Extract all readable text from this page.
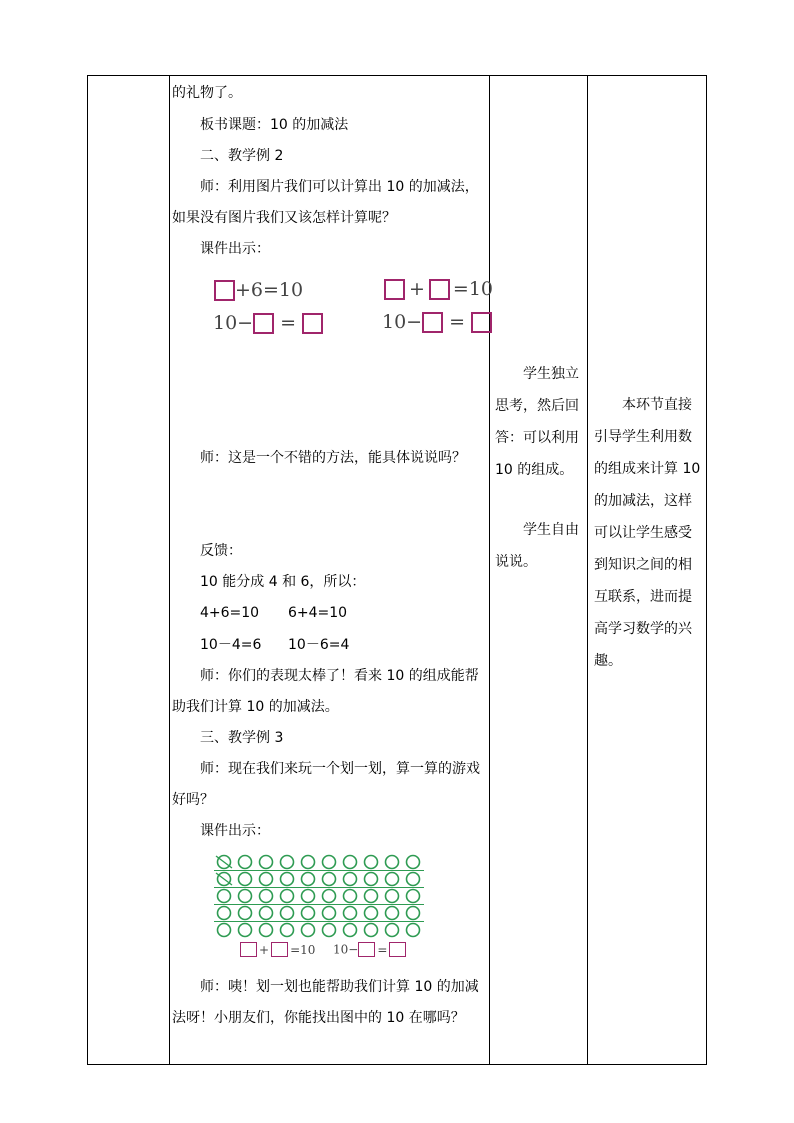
的礼物了。
板书课题：10 的加减法
二、教学例 2
师：利用图片我们可以计算出 10 的加减法，
如果没有图片我们又该怎样计算呢？
课件出示：
师：这是一个不错的方法，能具体说说吗？
反馈：
10 能分成 4 和 6，所以：
4+6=10 6+4=10
10－4=6 10－6=4
师：你们的表现太棒了！看来 10 的组成能帮
助我们计算 10 的加减法。
三、教学例 3
师：现在我们来玩一个划一划，算一算的游戏
好吗？
课件出示：
师：咦！划一划也能帮助我们计算 10 的加减
法呀！小朋友们，你能找出图中的 10 在哪吗？
+6=10
10− =
+ =10
10− =
+ =10 10− =
学生独立思考，然后回答：可以利用 10 的组成。
学生自由说说。
本环节直接引导学生利用数的组成来计算 10 的加减法，这样可以让学生感受到知识之间的相互联系，进而提高学习数学的兴趣。
